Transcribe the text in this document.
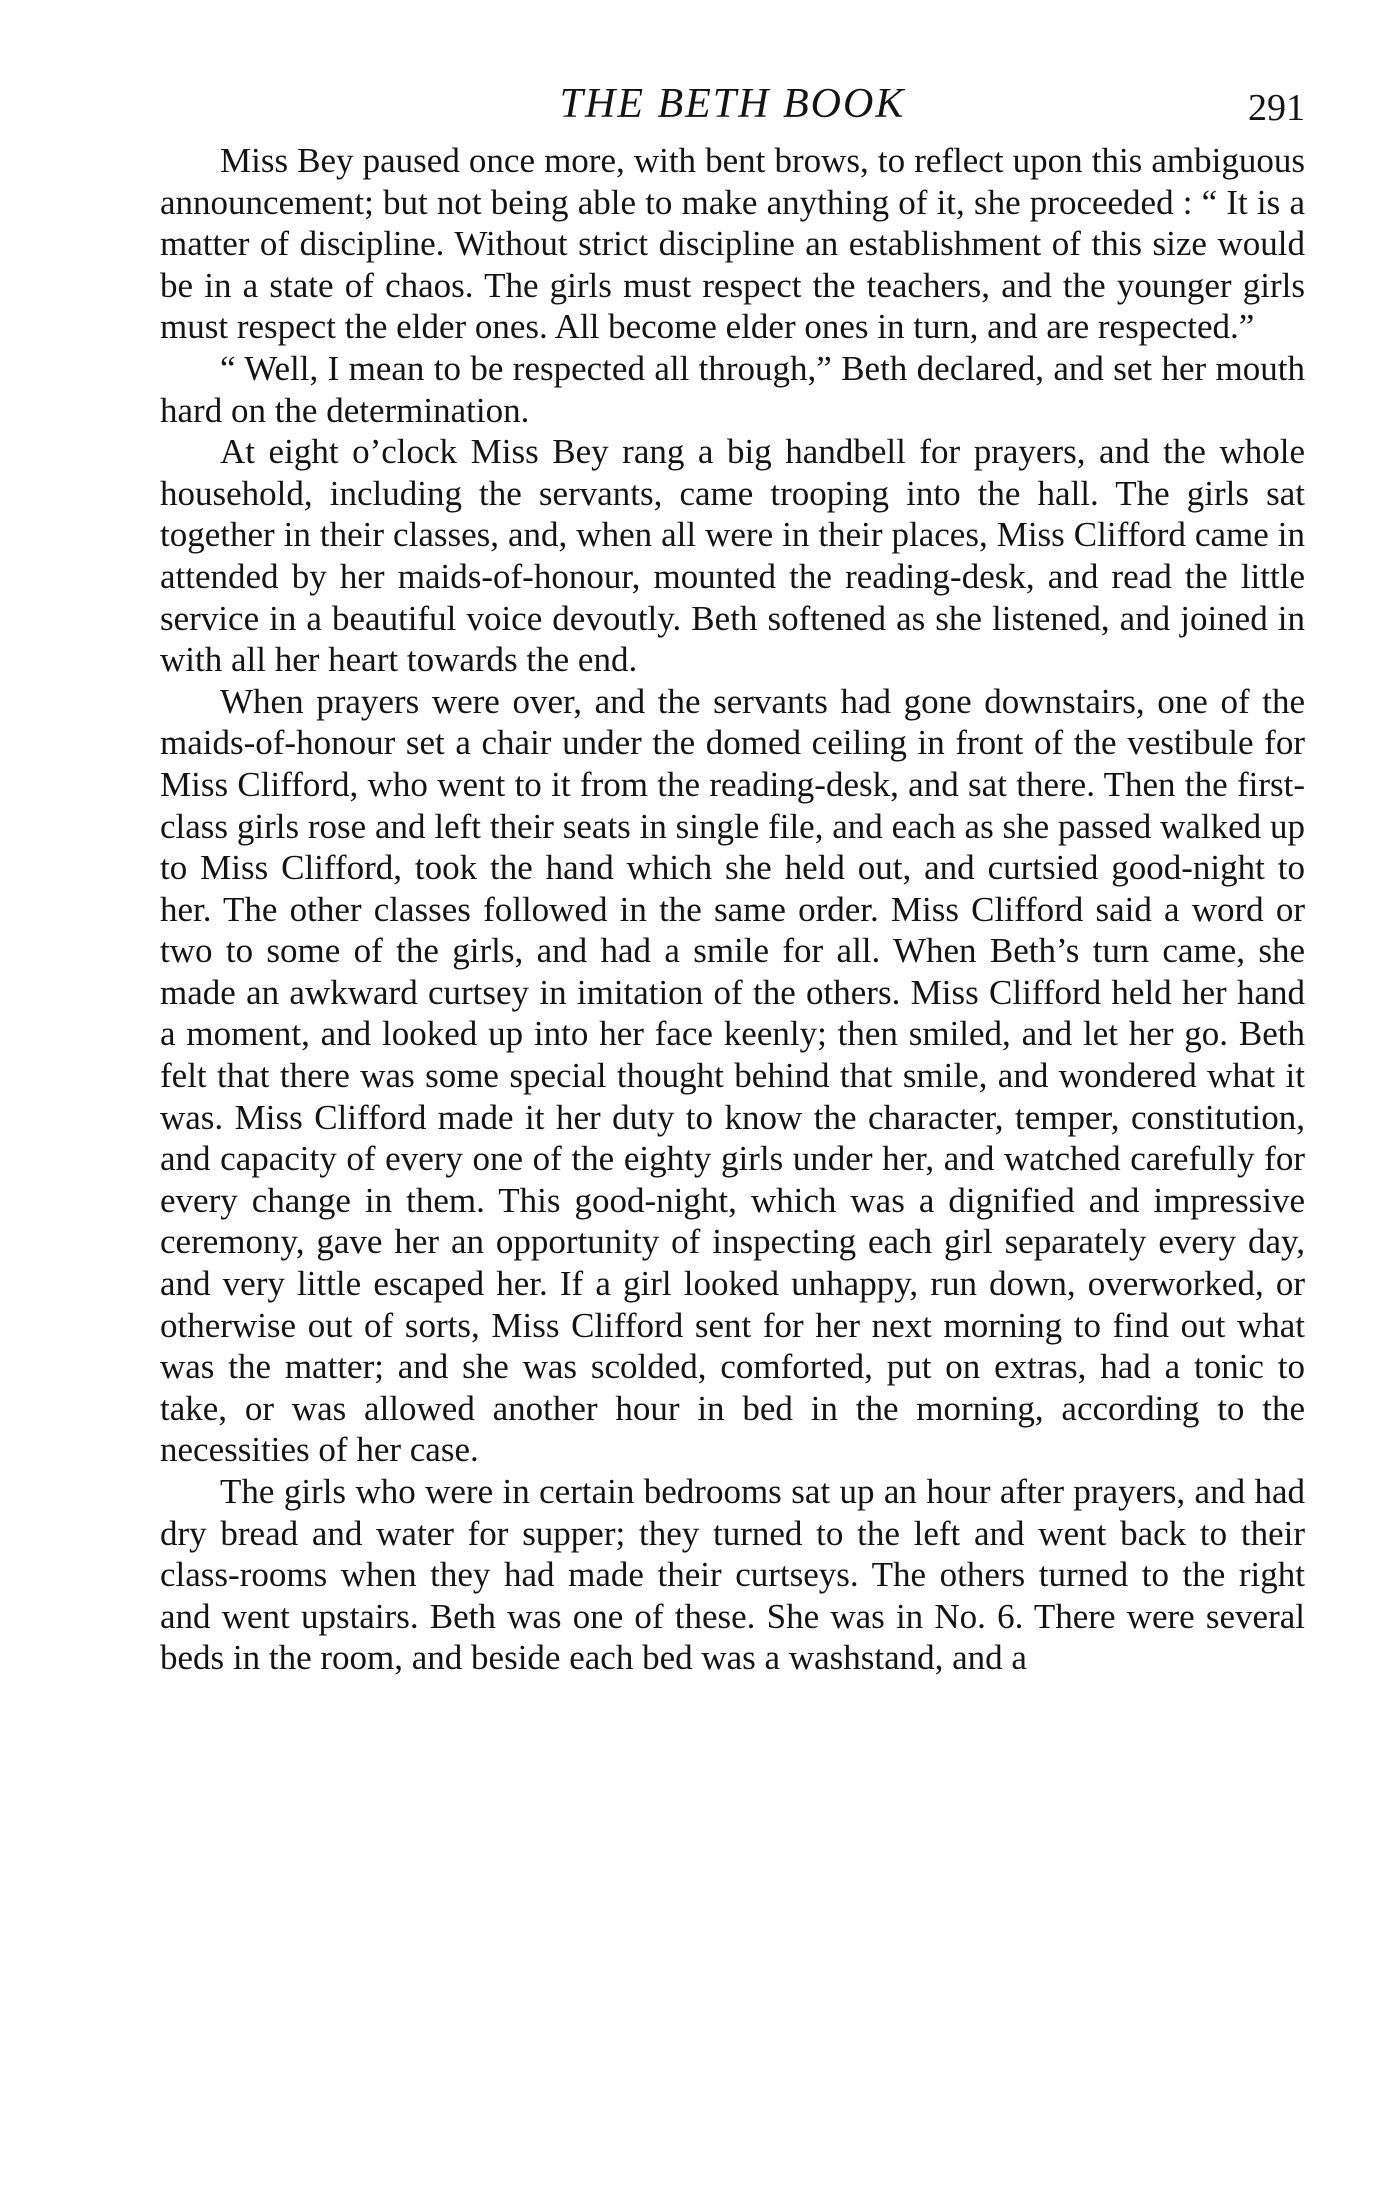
THE BETH BOOK	291

Miss Bey paused once more, with bent brows, to reflect upon this ambiguous announcement; but not being able to make anything of it, she proceeded : “ It is a matter of discipline. Without strict discipline an establishment of this size would be in a state of chaos. The girls must respect the teachers, and the younger girls must respect the elder ones. All become elder ones in turn, and are respected.”

“ Well, I mean to be respected all through,” Beth declared, and set her mouth hard on the determination.

At eight o’clock Miss Bey rang a big handbell for prayers, and the whole household, including the servants, came trooping into the hall. The girls sat together in their classes, and, when all were in their places, Miss Clifford came in attended by her maids-of-honour, mounted the reading-desk, and read the little service in a beautiful voice devoutly. Beth softened as she listened, and joined in with all her heart towards the end.

When prayers were over, and the servants had gone downstairs, one of the maids-of-honour set a chair under the domed ceiling in front of the vestibule for Miss Clifford, who went to it from the reading-desk, and sat there. Then the first-class girls rose and left their seats in single file, and each as she passed walked up to Miss Clifford, took the hand which she held out, and curtsied good-night to her. The other classes followed in the same order. Miss Clifford said a word or two to some of the girls, and had a smile for all. When Beth’s turn came, she made an awkward curtsey in imitation of the others. Miss Clifford held her hand a moment, and looked up into her face keenly; then smiled, and let her go. Beth felt that there was some special thought behind that smile, and wondered what it was. Miss Clifford made it her duty to know the character, temper, constitution, and capacity of every one of the eighty girls under her, and watched carefully for every change in them. This good-night, which was a dignified and impressive ceremony, gave her an opportunity of inspecting each girl separately every day, and very little escaped her. If a girl looked unhappy, run down, overworked, or otherwise out of sorts, Miss Clifford sent for her next morning to find out what was the matter; and she was scolded, comforted, put on extras, had a tonic to take, or was allowed another hour in bed in the morning, according to the necessities of her case.

The girls who were in certain bedrooms sat up an hour after prayers, and had dry bread and water for supper; they turned to the left and went back to their class-rooms when they had made their curtseys. The others turned to the right and went upstairs. Beth was one of these. She was in No. 6. There were several beds in the room, and beside each bed was a washstand, and a
